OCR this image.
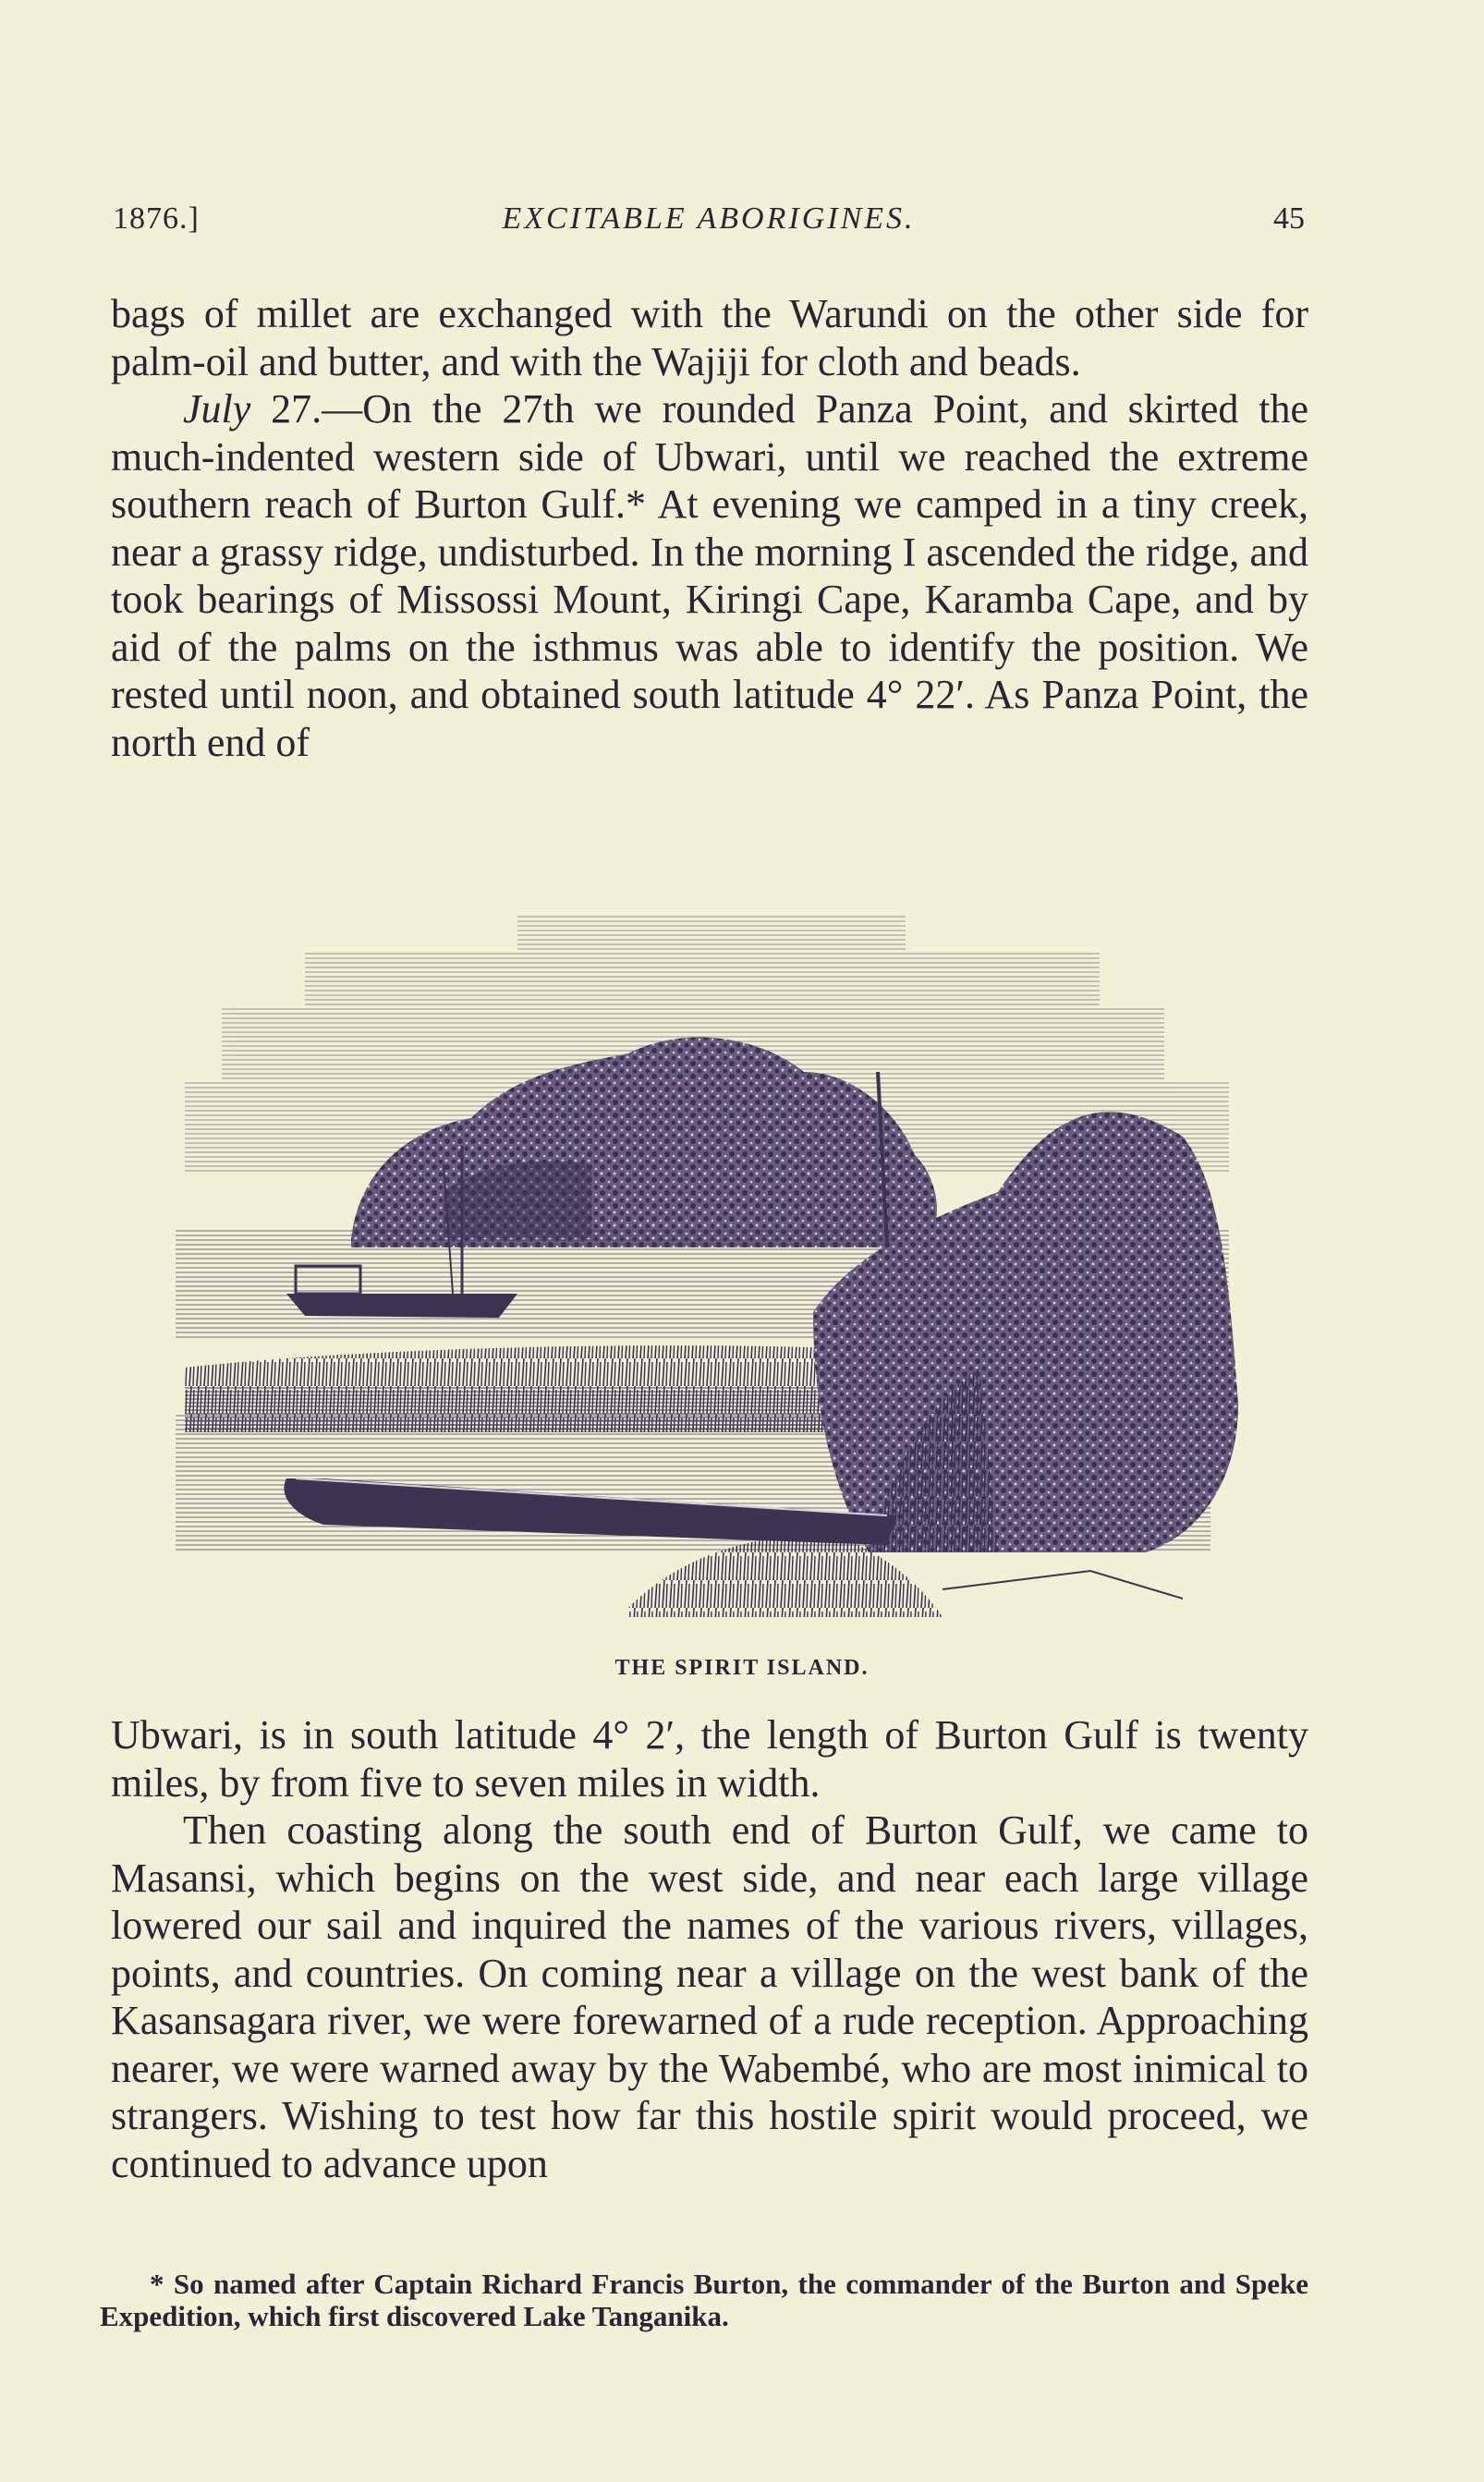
1876.]	EXCITABLE ABORIGINES.	45

bags of millet are exchanged with the Warundi on the other side for palm-oil and butter, and with the Wajiji for cloth and beads.

July 27.—On the 27th we rounded Panza Point, and skirted the much-indented western side of Ubwari, until we reached the extreme southern reach of Burton Gulf.* At evening we camped in a tiny creek, near a grassy ridge, undisturbed. In the morning I ascended the ridge, and took bearings of Missossi Mount, Kiringi Cape, Karamba Cape, and by aid of the palms on the isthmus was able to identify the position. We rested until noon, and obtained south latitude 4° 22′. As Panza Point, the north end of

THE SPIRIT ISLAND.

Ubwari, is in south latitude 4° 2′, the length of Burton Gulf is twenty miles, by from five to seven miles in width.

Then coasting along the south end of Burton Gulf, we came to Masansi, which begins on the west side, and near each large village lowered our sail and inquired the names of the various rivers, villages, points, and countries. On coming near a village on the west bank of the Kasansagara river, we were forewarned of a rude reception. Approaching nearer, we were warned away by the Wabembé, who are most inimical to strangers. Wishing to test how far this hostile spirit would proceed, we continued to advance upon

* So named after Captain Richard Francis Burton, the commander of the Burton and Speke Expedition, which first discovered Lake Tanganika.
